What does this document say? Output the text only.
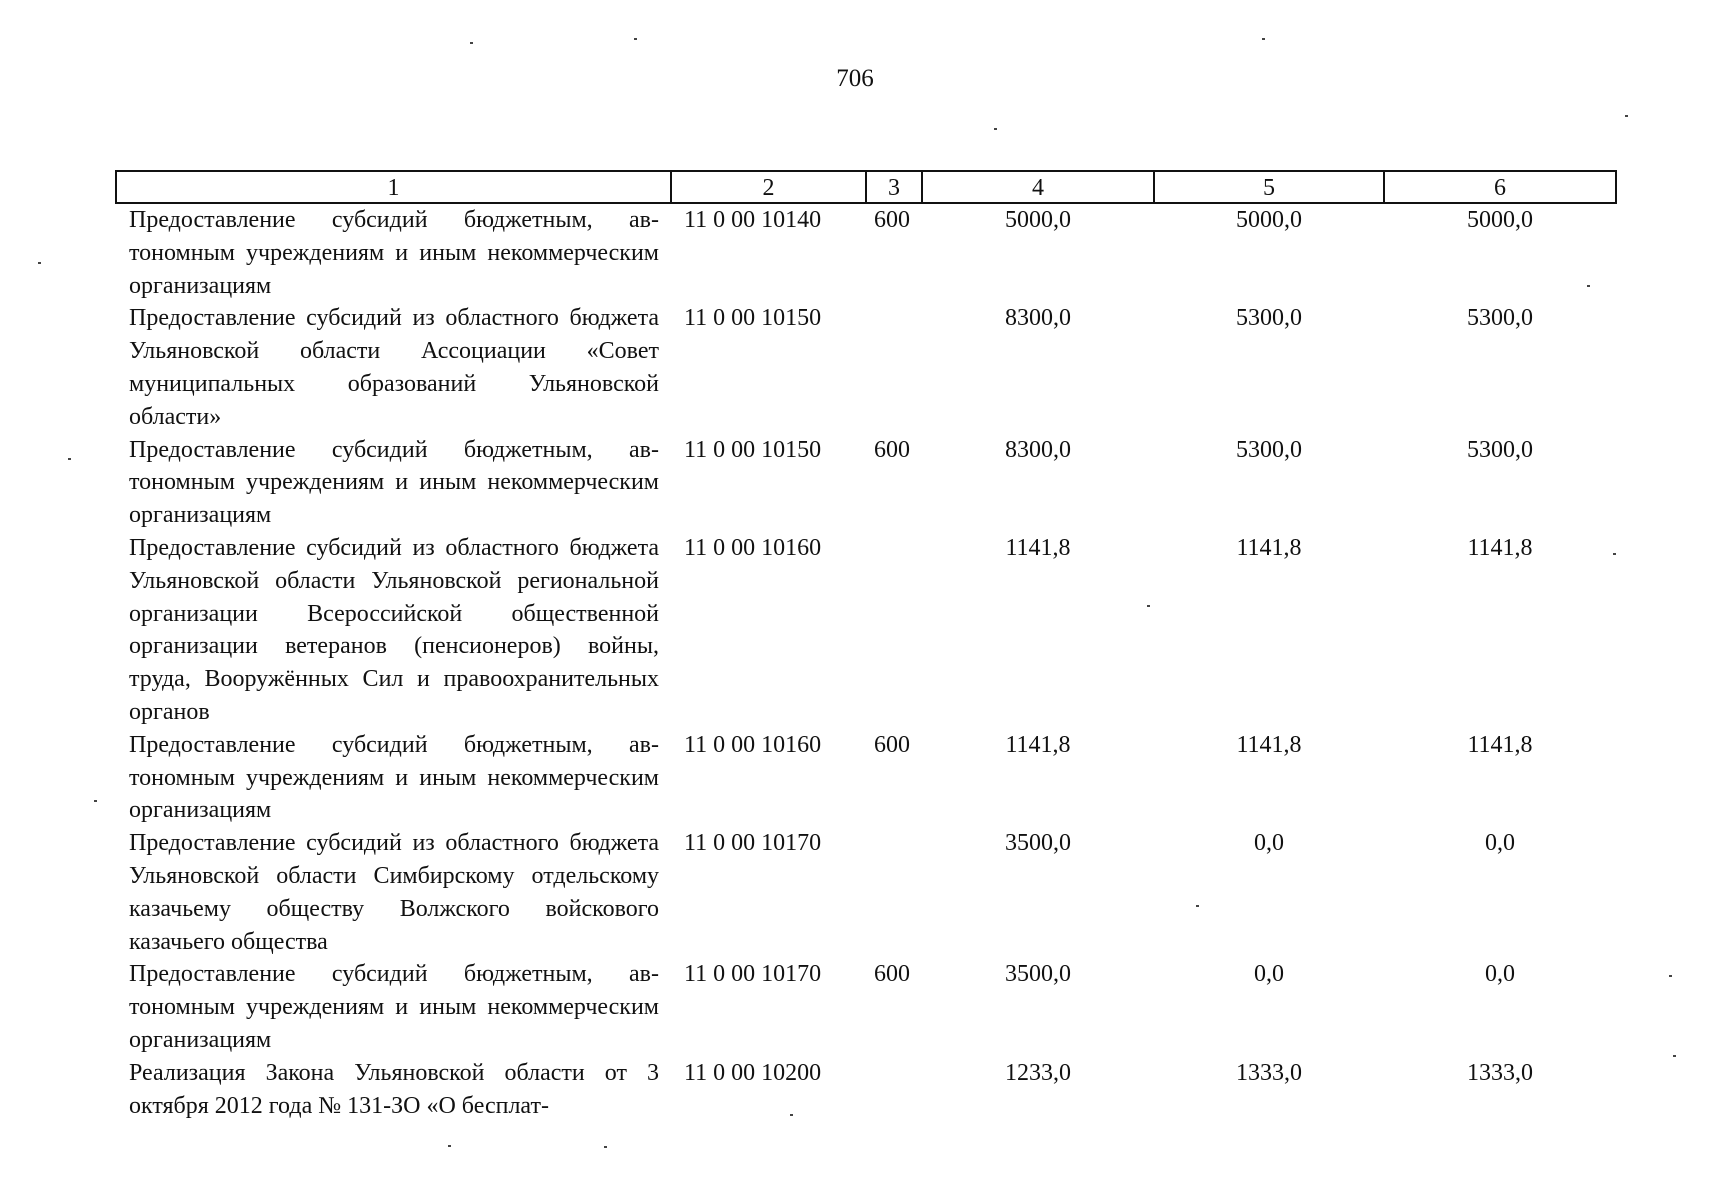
706
1	2	3	4	5	6
Предоставление субсидий бюджетным, автономным учреждениям и иным некоммерческим организациям	11 0 00 10140	600	5000,0	5000,0	5000,0
Предоставление субсидий из областного бюджета Ульяновской области Ассоциации «Совет муниципальных образований Ульяновской области»	11 0 00 10150		8300,0	5300,0	5300,0
Предоставление субсидий бюджетным, автономным учреждениям и иным некоммерческим организациям	11 0 00 10150	600	8300,0	5300,0	5300,0
Предоставление субсидий из областного бюджета Ульяновской области Ульяновской региональной организации Всероссийской общественной организации ветеранов (пенсионеров) войны, труда, Вооружённых Сил и правоохранительных органов	11 0 00 10160		1141,8	1141,8	1141,8
Предоставление субсидий бюджетным, автономным учреждениям и иным некоммерческим организациям	11 0 00 10160	600	1141,8	1141,8	1141,8
Предоставление субсидий из областного бюджета Ульяновской области Симбирскому отдельскому казачьему обществу Волжского войскового казачьего общества	11 0 00 10170		3500,0	0,0	0,0
Предоставление субсидий бюджетным, автономным учреждениям и иным некоммерческим организациям	11 0 00 10170	600	3500,0	0,0	0,0
Реализация Закона Ульяновской области от 3 октября 2012 года № 131-ЗО «О бесплат-	11 0 00 10200		1233,0	1333,0	1333,0
